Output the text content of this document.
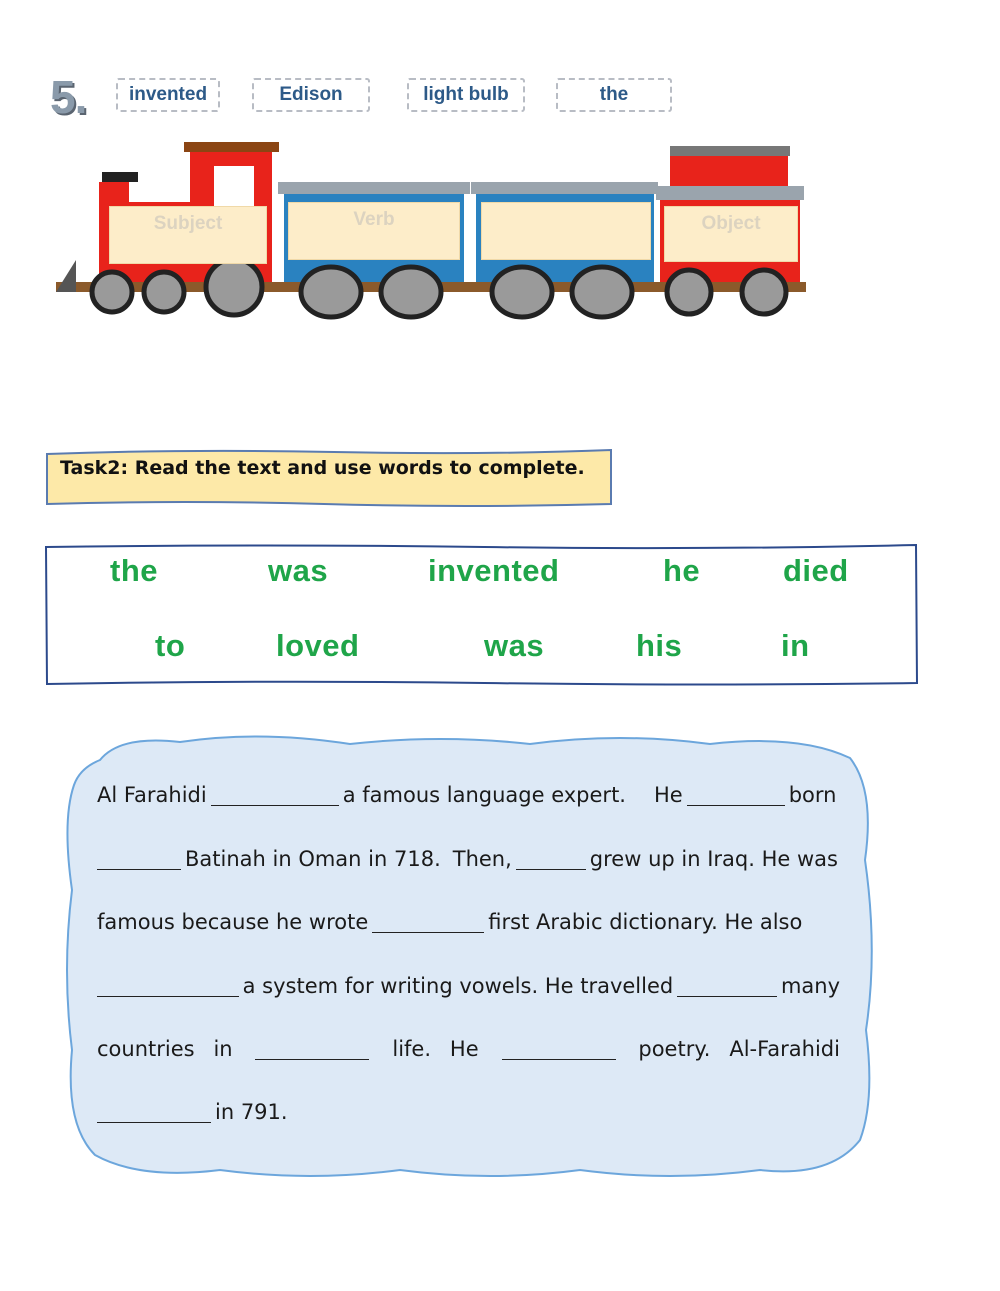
5.	invented	Edison	light bulb	the
Subject	Verb	Object
Task2: Read the text and use words to complete.
the	was	invented	he	died
to	loved	was	his	in
Al Farahidi	a famous language expert. He	born
Batinah in Oman in 718. Then,	grew up in Iraq. He was
famous because he wrote	first Arabic dictionary. He also
a system for writing vowels. He travelled	many
countries in	life. He	poetry. Al-Farahidi
in 791.
